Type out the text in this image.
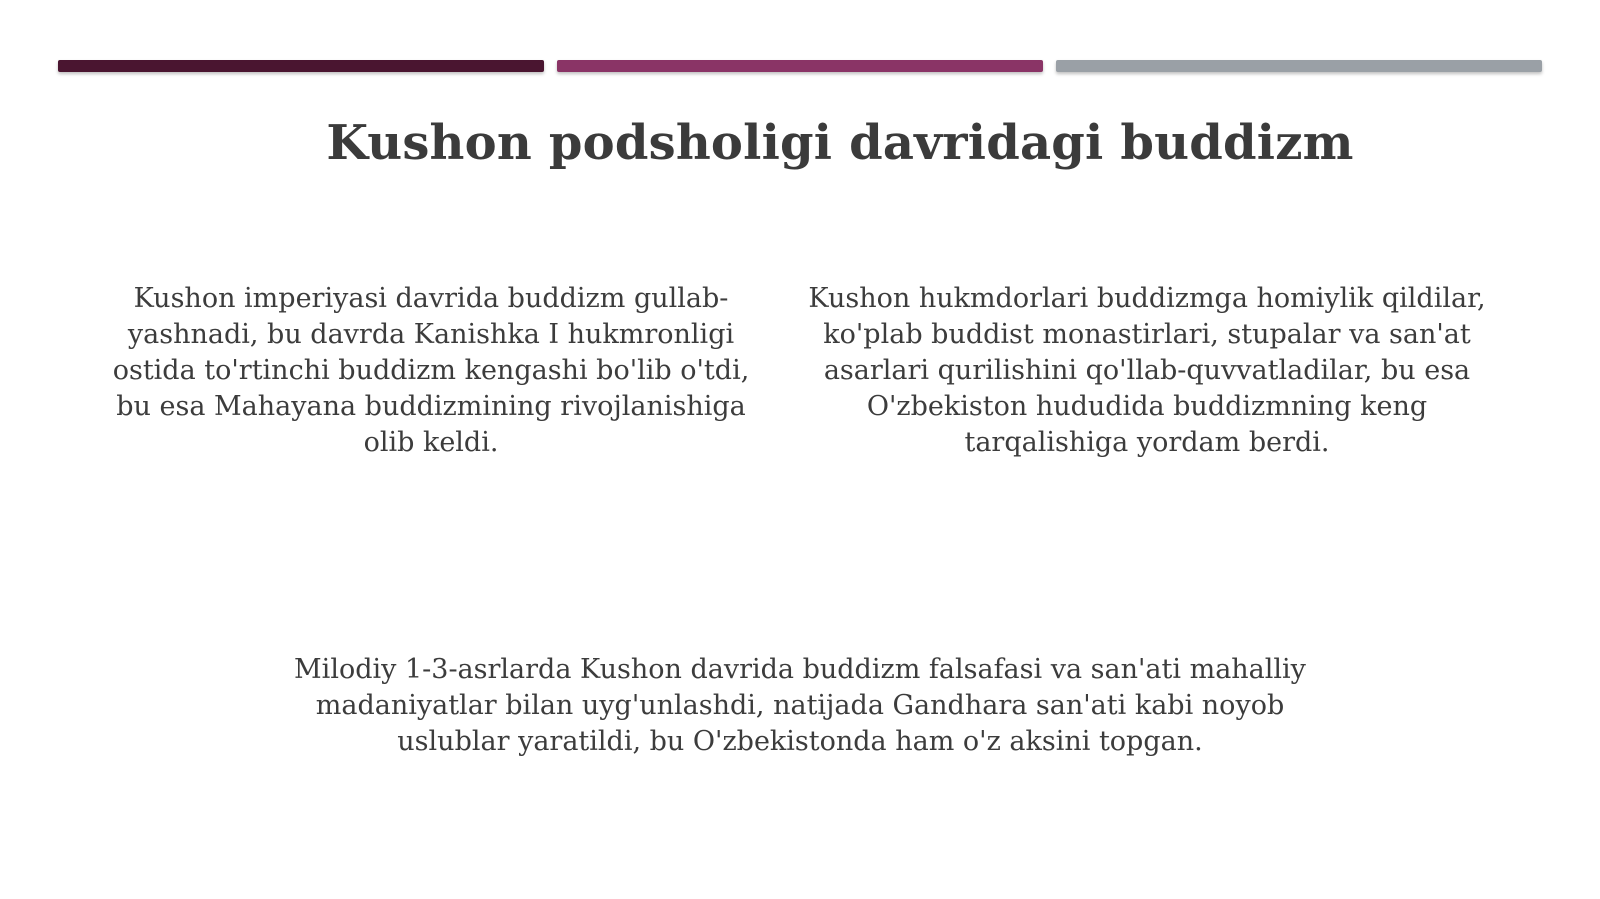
Kushon podsholigi davridagi buddizm
Kushon imperiyasi davrida buddizm gullab-yashnadi, bu davrda Kanishka I hukmronligi ostida to'rtinchi buddizm kengashi bo'lib o'tdi, bu esa Mahayana buddizmining rivojlanishiga olib keldi.
Kushon hukmdorlari buddizmga homiylik qildilar, ko'plab buddist monastirlari, stupalar va san'at asarlari qurilishini qo'llab-quvvatladilar, bu esa O'zbekiston hududida buddizmning keng tarqalishiga yordam berdi.
Milodiy 1-3-asrlarda Kushon davrida buddizm falsafasi va san'ati mahalliy madaniyatlar bilan uyg'unlashdi, natijada Gandhara san'ati kabi noyob uslublar yaratildi, bu O'zbekistonda ham o'z aksini topgan.
